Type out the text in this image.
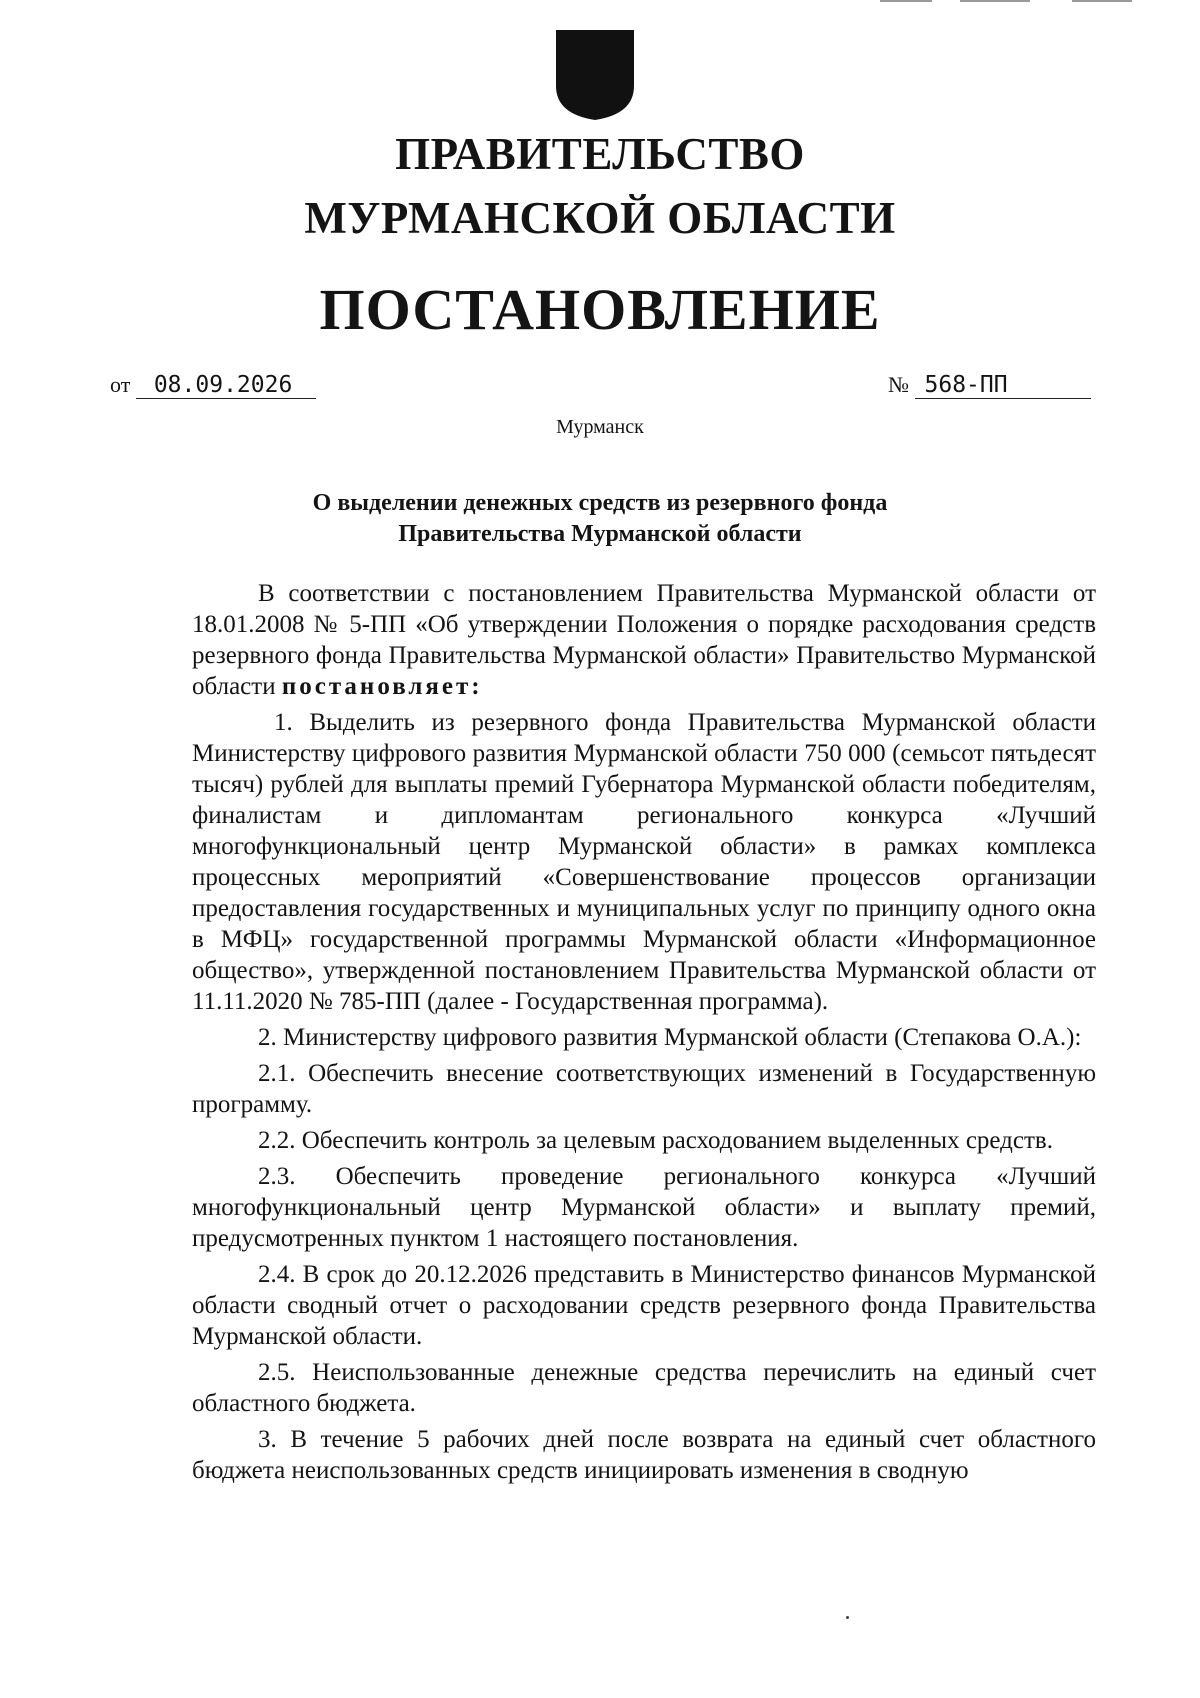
ПРАВИТЕЛЬСТВО
МУРМАНСКОЙ ОБЛАСТИ
ПОСТАНОВЛЕНИЕ
от 08.09.2026	№ 568-ПП
Мурманск
О выделении денежных средств из резервного фонда
Правительства Мурманской области

В соответствии с постановлением Правительства Мурманской области от 18.01.2008 № 5-ПП «Об утверждении Положения о порядке расходования средств резервного фонда Правительства Мурманской области» Правительство Мурманской области постановляет:

1. Выделить из резервного фонда Правительства Мурманской области Министерству цифрового развития Мурманской области 750 000 (семьсот пятьдесят тысяч) рублей для выплаты премий Губернатора Мурманской области победителям, финалистам и дипломантам регионального конкурса «Лучший многофункциональный центр Мурманской области» в рамках комплекса процессных мероприятий «Совершенствование процессов организации предоставления государственных и муниципальных услуг по принципу одного окна в МФЦ» государственной программы Мурманской области «Информационное общество», утвержденной постановлением Правительства Мурманской области от 11.11.2020 № 785-ПП (далее - Государственная программа).

2. Министерству цифрового развития Мурманской области (Степакова О.А.):

2.1. Обеспечить внесение соответствующих изменений в Государственную программу.

2.2. Обеспечить контроль за целевым расходованием выделенных средств.

2.3. Обеспечить проведение регионального конкурса «Лучший многофункциональный центр Мурманской области» и выплату премий, предусмотренных пунктом 1 настоящего постановления.

2.4. В срок до 20.12.2026 представить в Министерство финансов Мурманской области сводный отчет о расходовании средств резервного фонда Правительства Мурманской области.

2.5. Неиспользованные денежные средства перечислить на единый счет областного бюджета.

3. В течение 5 рабочих дней после возврата на единый счет областного бюджета неиспользованных средств инициировать изменения в сводную
